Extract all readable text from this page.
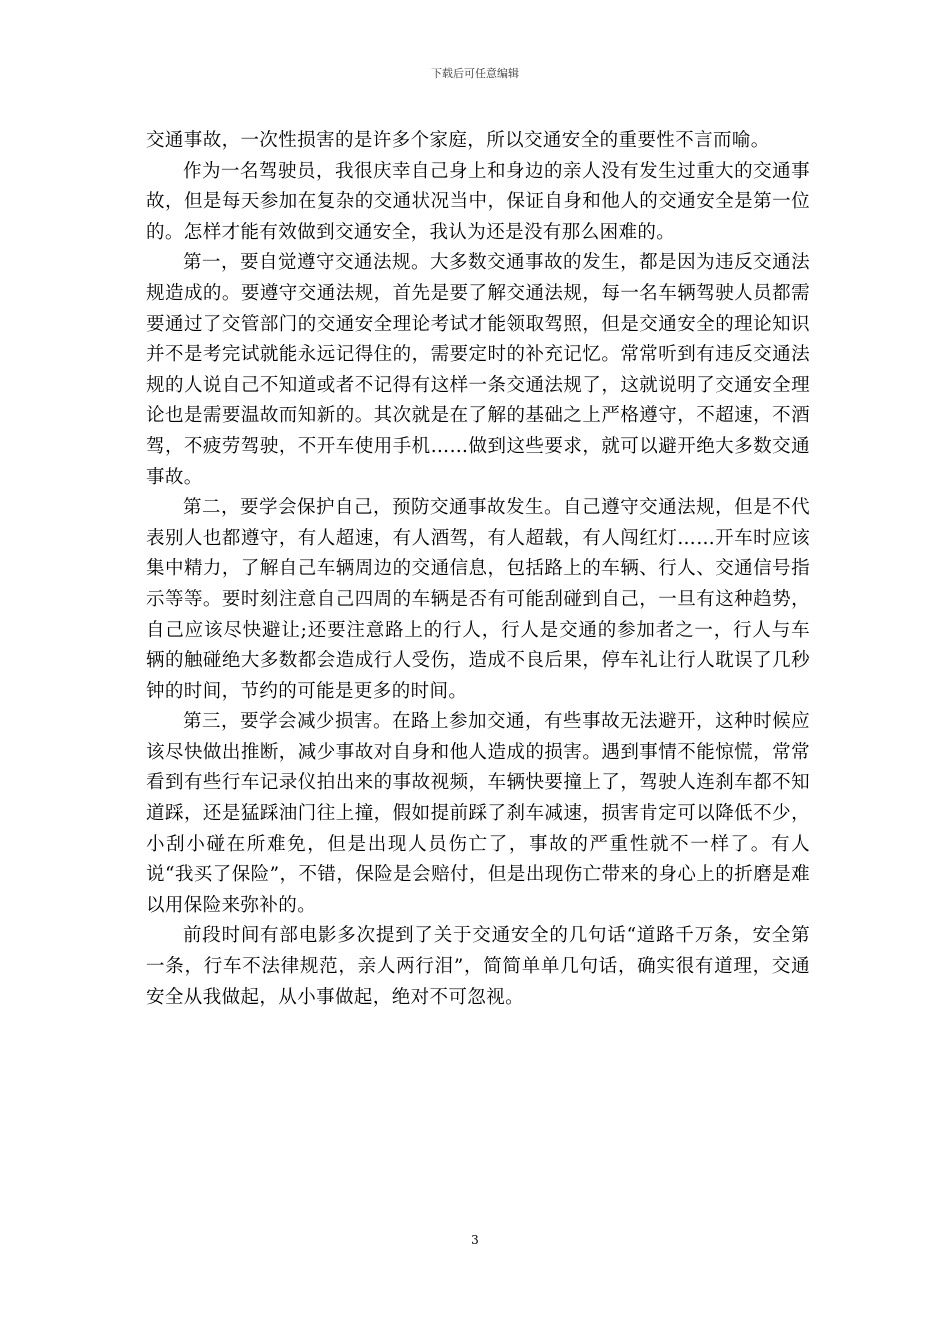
下载后可任意编辑

交通事故，一次性损害的是许多个家庭，所以交通安全的重要性不言而喻。

作为一名驾驶员，我很庆幸自己身上和身边的亲人没有发生过重大的交通事故，但是每天参加在复杂的交通状况当中，保证自身和他人的交通安全是第一位的。怎样才能有效做到交通安全，我认为还是没有那么困难的。

第一，要自觉遵守交通法规。大多数交通事故的发生，都是因为违反交通法规造成的。要遵守交通法规，首先是要了解交通法规，每一名车辆驾驶人员都需要通过了交管部门的交通安全理论考试才能领取驾照，但是交通安全的理论知识并不是考完试就能永远记得住的，需要定时的补充记忆。常常听到有违反交通法规的人说自己不知道或者不记得有这样一条交通法规了，这就说明了交通安全理论也是需要温故而知新的。其次就是在了解的基础之上严格遵守，不超速，不酒驾，不疲劳驾驶，不开车使用手机……做到这些要求，就可以避开绝大多数交通事故。

第二，要学会保护自己，预防交通事故发生。自己遵守交通法规，但是不代表别人也都遵守，有人超速，有人酒驾，有人超载，有人闯红灯……开车时应该集中精力，了解自己车辆周边的交通信息，包括路上的车辆、行人、交通信号指示等等。要时刻注意自己四周的车辆是否有可能刮碰到自己，一旦有这种趋势，自己应该尽快避让;还要注意路上的行人，行人是交通的参加者之一，行人与车辆的触碰绝大多数都会造成行人受伤，造成不良后果，停车礼让行人耽误了几秒钟的时间，节约的可能是更多的时间。

第三，要学会减少损害。在路上参加交通，有些事故无法避开，这种时候应该尽快做出推断，减少事故对自身和他人造成的损害。遇到事情不能惊慌，常常看到有些行车记录仪拍出来的事故视频，车辆快要撞上了，驾驶人连刹车都不知道踩，还是猛踩油门往上撞，假如提前踩了刹车减速，损害肯定可以降低不少，小刮小碰在所难免，但是出现人员伤亡了，事故的严重性就不一样了。有人说“我买了保险”，不错，保险是会赔付，但是出现伤亡带来的身心上的折磨是难以用保险来弥补的。

前段时间有部电影多次提到了关于交通安全的几句话“道路千万条，安全第一条，行车不法律规范，亲人两行泪”，简简单单几句话，确实很有道理，交通安全从我做起，从小事做起，绝对不可忽视。

3
